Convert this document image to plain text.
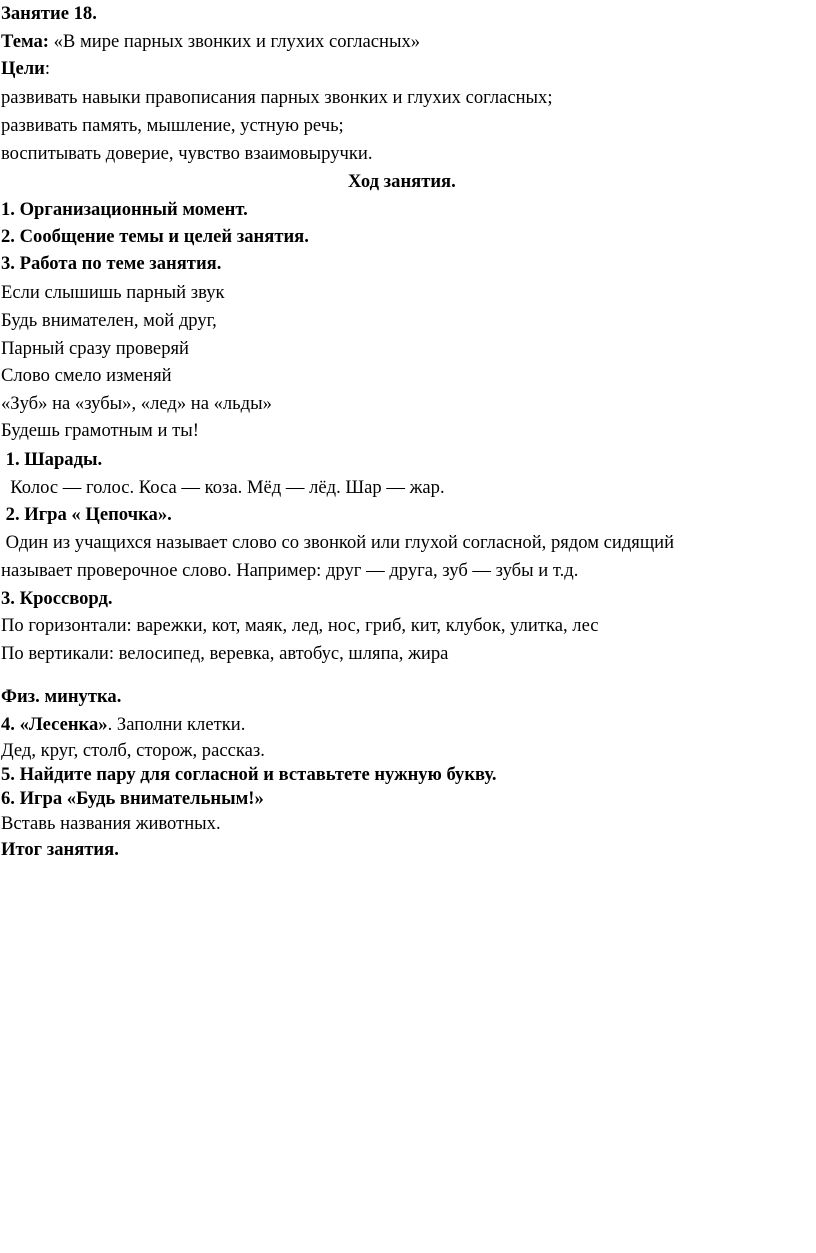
Занятие 18.
Тема: «В мире парных звонких и глухих согласных»
Цели:
развивать навыки правописания парных звонких и глухих согласных;
развивать память, мышление, устную речь;
воспитывать доверие, чувство взаимовыручки.
Ход занятия.
1. Организационный момент.
2. Сообщение темы и целей занятия.
3. Работа по теме занятия.
Если слышишь парный звук
Будь внимателен, мой друг,
Парный сразу проверяй
Слово смело изменяй
«Зуб» на «зубы», «лед» на «льды»
Будешь грамотным и ты!
1. Шарады.
Колос — голос. Коса — коза. Мёд — лёд. Шар — жар.
2. Игра « Цепочка».
Один из учащихся называет слово со звонкой или глухой согласной, рядом сидящий
называет проверочное слово. Например: друг — друга, зуб — зубы и т.д.
3. Кроссворд.
По горизонтали: варежки, кот, маяк, лед, нос, гриб, кит, клубок, улитка, лес
По вертикали: велосипед, веревка, автобус, шляпа, жира
Физ. минутка.
4. «Лесенка». Заполни клетки.
Дед, круг, столб, сторож, рассказ.
5. Найдите пару для согласной и вставьтете нужную букву.
6. Игра «Будь внимательным!»
Вставь названия животных.
Итог занятия.
